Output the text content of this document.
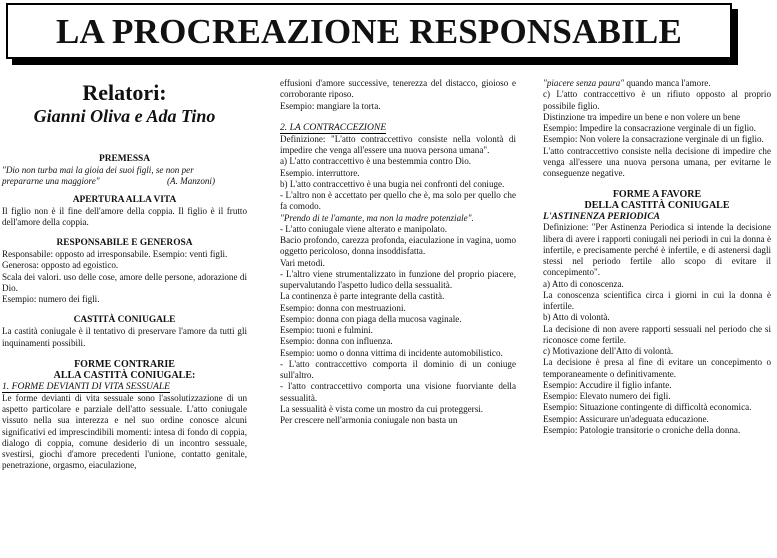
LA PROCREAZIONE RESPONSABILE
Relatori:
Gianni Oliva e Ada Tino
PREMESSA

"Dio non turba mai la gioia dei suoi figli, se non per

prepararne una maggiore"	(A. Manzoni)
APERTURA ALLA VITA

Il figlio non è il fine dell'amore della coppia. Il figlio è il frutto dell'amore della coppia.

RESPONSABILE E GENEROSA

Responsabile: opposto ad irresponsabile. Esempio: venti figli.

Generosa: opposto ad egoistico.

Scala dei valori. uso delle cose, amore delle persone, adorazione di Dio.

Esempio: numero dei figli.

CASTITÀ CONIUGALE

La castità coniugale è il tentativo di preservare l'amore da tutti gli inquinamenti possibili.

FORME CONTRARIE
ALLA CASTITÀ CONIUGALE:
1. FORME DEVIANTI DI VITA SESSUALE

Le forme devianti di vita sessuale sono l'assolutizzazione di un aspetto particolare e parziale dell'atto sessuale. L'atto coniugale vissuto nella sua interezza e nel suo ordine conosce alcuni significativi ed imprescindibili momenti: intesa di fondo di coppia, dialogo di coppia, comune desiderio di un incontro sessuale, svestirsi, giochi d'amore precedenti l'unione, contatto genitale, penetrazione, orgasmo, eiaculazione,

effusioni d'amore successive, tenerezza del distacco, gioioso e corroborante riposo.

Esempio: mangiare la torta.

2. LA CONTRACCEZIONE

Definizione: "L'atto contraccettivo consiste nella volontà di impedire che venga all'essere una nuova persona umana".

a) L'atto contraccettivo è una bestemmia contro Dio.

Esempio. interruttore.

b) L'atto contraccettivo è una bugia nei confronti del coniuge.

- L'altro non è accettato per quello che è, ma solo per quello che fa comodo.

"Prendo di te l'amante, ma non la madre potenziale".

- L'atto coniugale viene alterato e manipolato.

Bacio profondo, carezza profonda, eiaculazione in vagina, uomo oggetto pericoloso, donna insoddisfatta.

Vari metodi.

- L'altro viene strumentalizzato in funzione del proprio piacere, supervalutando l'aspetto ludico della sessualità.

La continenza è parte integrante della castità.

Esempio: donna con mestruazioni.

Esempio: donna con piaga della mucosa vaginale.

Esempio: tuoni e fulmini.

Esempio: donna con influenza.

Esempio: uomo o donna vittima di incidente automobilistico.

- L'atto contraccettivo comporta il dominio di un coniuge sull'altro.

- l'atto contraccettivo comporta una visione fuorviante della sessualità.

La sessualità è vista come un mostro da cui proteggersi.

Per crescere nell'armonia coniugale non basta un

"piacere senza paura" quando manca l'amore.

c) L'atto contraccettivo è un rifiuto opposto al proprio possibile figlio.

Distinzione tra impedire un bene e non volere un bene

Esempio: Impedire la consacrazione verginale di un figlio.

Esempio: Non volere la consacrazione verginale di un figlio.

L'atto contraccettivo consiste nella decisione di impedire che venga all'essere una nuova persona umana, per evitarne le conseguenze negative.

FORME A FAVORE
DELLA CASTITÀ CONIUGALE
L'ASTINENZA PERIODICA

Definizione: "Per Astinenza Periodica si intende la decisione libera di avere i rapporti coniugali nei periodi in cui la donna è infertile, e precisamente perché è infertile, e di astenersi dagli stessi nel periodo fertile allo scopo di evitare il concepimento".

a) Atto di conoscenza.

La conoscenza scientifica circa i giorni in cui la donna è infertile.

b) Atto di volontà.

La decisione di non avere rapporti sessuali nel periodo che si riconosce come fertile.

c) Motivazione dell'Atto di volontà.

La decisione è presa al fine di evitare un concepimento o temporaneamente o definitivamente.

Esempio: Accudire il figlio infante.

Esempio: Elevato numero dei figli.

Esempio: Situazione contingente di difficoltà economica.

Esempio: Assicurare un'adeguata educazione.

Esempio: Patologie transitorie o croniche della donna.
